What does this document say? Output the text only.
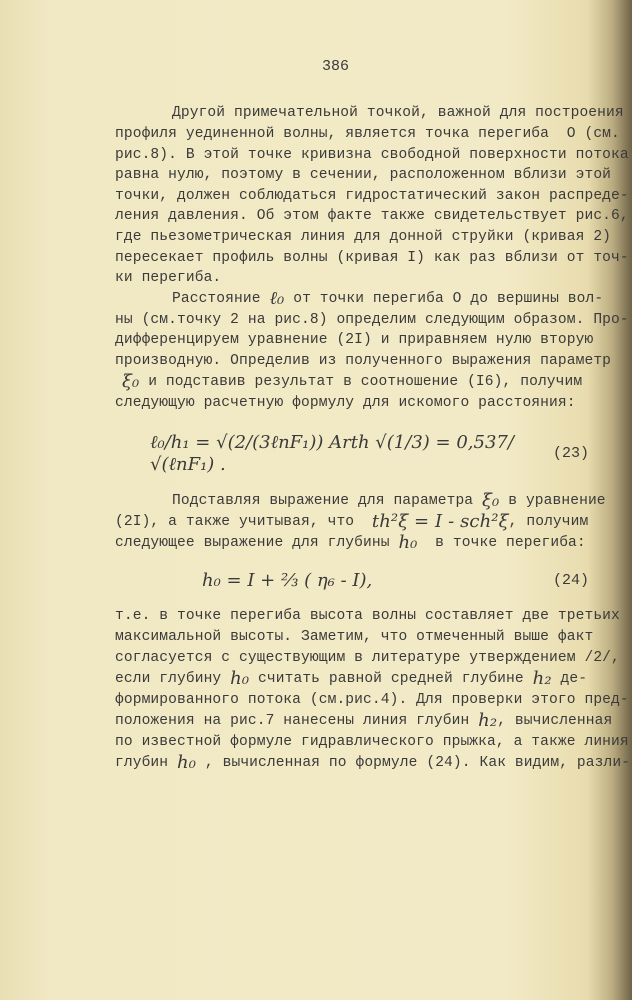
386
Другой примечательной точкой, важной для построения
профиля уединенной волны, является точка перегиба  О (см.
рис.8). В этой точке кривизна свободной поверхности потока
равна нулю, поэтому в сечении, расположенном вблизи этой
точки, должен соблюдаться гидростатический закон распреде-
ления давления. Об этом факте также свидетельствует рис.6,
где пьезометрическая линия для донной струйки (кривая 2)
пересекает профиль волны (кривая I) как раз вблизи от точ-
ки перегиба.
Расстояние ℓ₀ от точки перегиба О до вершины вол-
ны (см.точку 2 на рис.8) определим следующим образом. Про-
дифференцируем уравнение (2I) и приравняем нулю вторую
производную. Определив из полученного выражения параметр
ξ₀ и подставив результат в соотношение (I6), получим
следующую расчетную формулу для искомого расстояния:
ℓ₀/h₁ = √(2/(3ℓnF₁)) Arth √(1/3) = 0,537/√(ℓnF₁) .
(23)
Подставляя выражение для параметра ξ₀ в уравнение
(2I), а также учитывая, что  th²ξ = I - sch²ξ, получим
следующее выражение для глубины h₀  в точке перегиба:
h₀ = I + ⅔ ( η₆ - I),	(24)
т.е. в точке перегиба высота волны составляет две третьих
максимальной высоты. Заметим, что отмеченный выше факт
согласуется с существующим в литературе утверждением /2/,
если глубину h₀ считать равной средней глубине h₂ де-
формированного потока (см.рис.4). Для проверки этого пред-
положения на рис.7 нанесены линия глубин h₂, вычисленная
по известной формуле гидравлического прыжка, а также линия
глубин h₀ , вычисленная по формуле (24). Как видим, разли-
